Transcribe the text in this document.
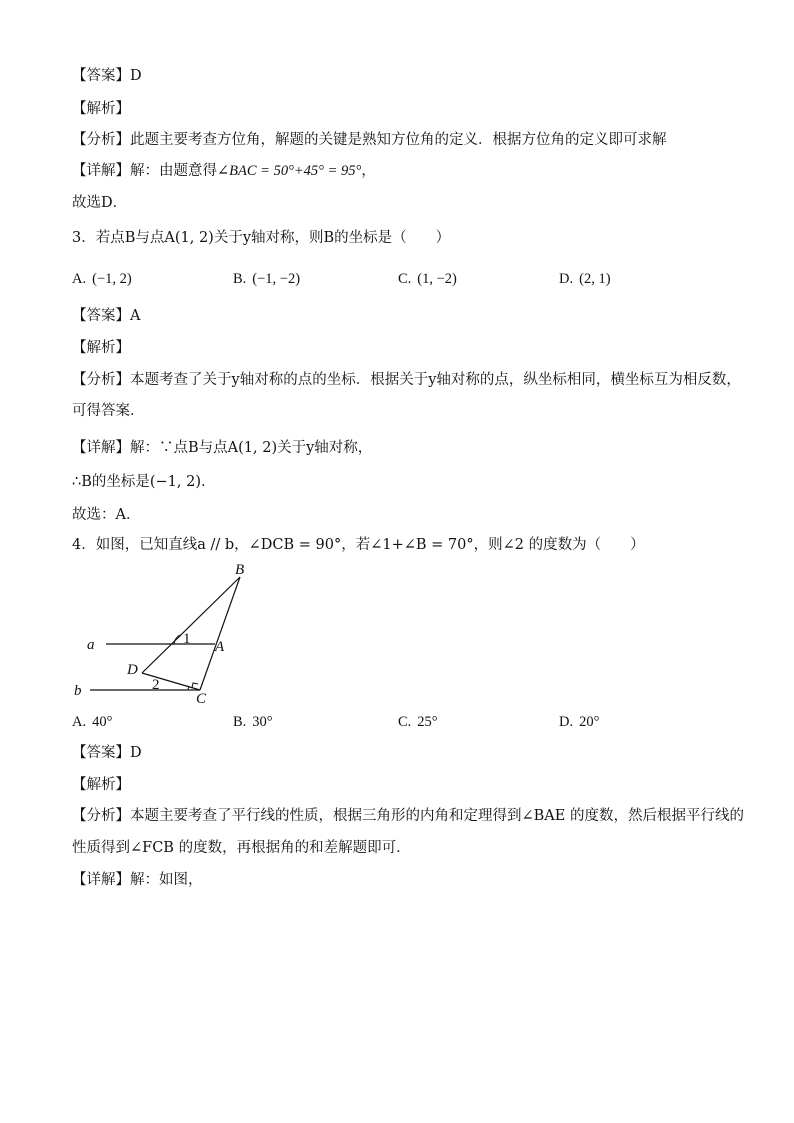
【答案】D
【解析】
【分析】此题主要考查方位角，解题的关键是熟知方位角的定义．根据方位角的定义即可求解
【详解】解：由题意得∠BAC = 50°+45° = 95°，
故选D．
3．若点B与点A(1, 2)关于y轴对称，则B的坐标是（　　）
A. (−1, 2)	B. (−1, −2)	C. (1, −2)	D. (2, 1)
【答案】A
【解析】
【分析】本题考查了关于y轴对称的点的坐标．根据关于y轴对称的点，纵坐标相同，横坐标互为相反数，
可得答案．
【详解】解：∵点B与点A(1, 2)关于y轴对称，
∴B的坐标是(−1, 2)．
故选：A．
4．如图，已知直线a // b，∠DCB = 90°，若∠1+∠B = 70°，则∠2 的度数为（　　）
B
A
D
C
a
b
1
2
A. 40°	B. 30°	C. 25°	D. 20°
【答案】D
【解析】
【分析】本题主要考查了平行线的性质，根据三角形的内角和定理得到∠BAE 的度数，然后根据平行线的
性质得到∠FCB 的度数，再根据角的和差解题即可．
【详解】解：如图，
